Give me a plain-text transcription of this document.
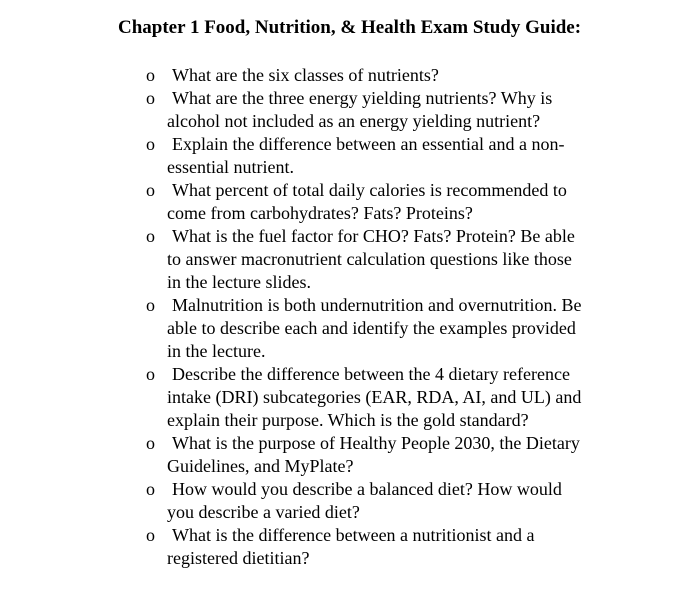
Chapter 1 Food, Nutrition, & Health Exam Study Guide:
o What are the six classes of nutrients?
o What are the three energy yielding nutrients? Why is
alcohol not included as an energy yielding nutrient?
o Explain the difference between an essential and a non-
essential nutrient.
o What percent of total daily calories is recommended to
come from carbohydrates? Fats? Proteins?
o What is the fuel factor for CHO? Fats? Protein? Be able
to answer macronutrient calculation questions like those
in the lecture slides.
o Malnutrition is both undernutrition and overnutrition. Be
able to describe each and identify the examples provided
in the lecture.
o Describe the difference between the 4 dietary reference
intake (DRI) subcategories (EAR, RDA, AI, and UL) and
explain their purpose. Which is the gold standard?
o What is the purpose of Healthy People 2030, the Dietary
Guidelines, and MyPlate?
o How would you describe a balanced diet? How would
you describe a varied diet?
o What is the difference between a nutritionist and a
registered dietitian?
